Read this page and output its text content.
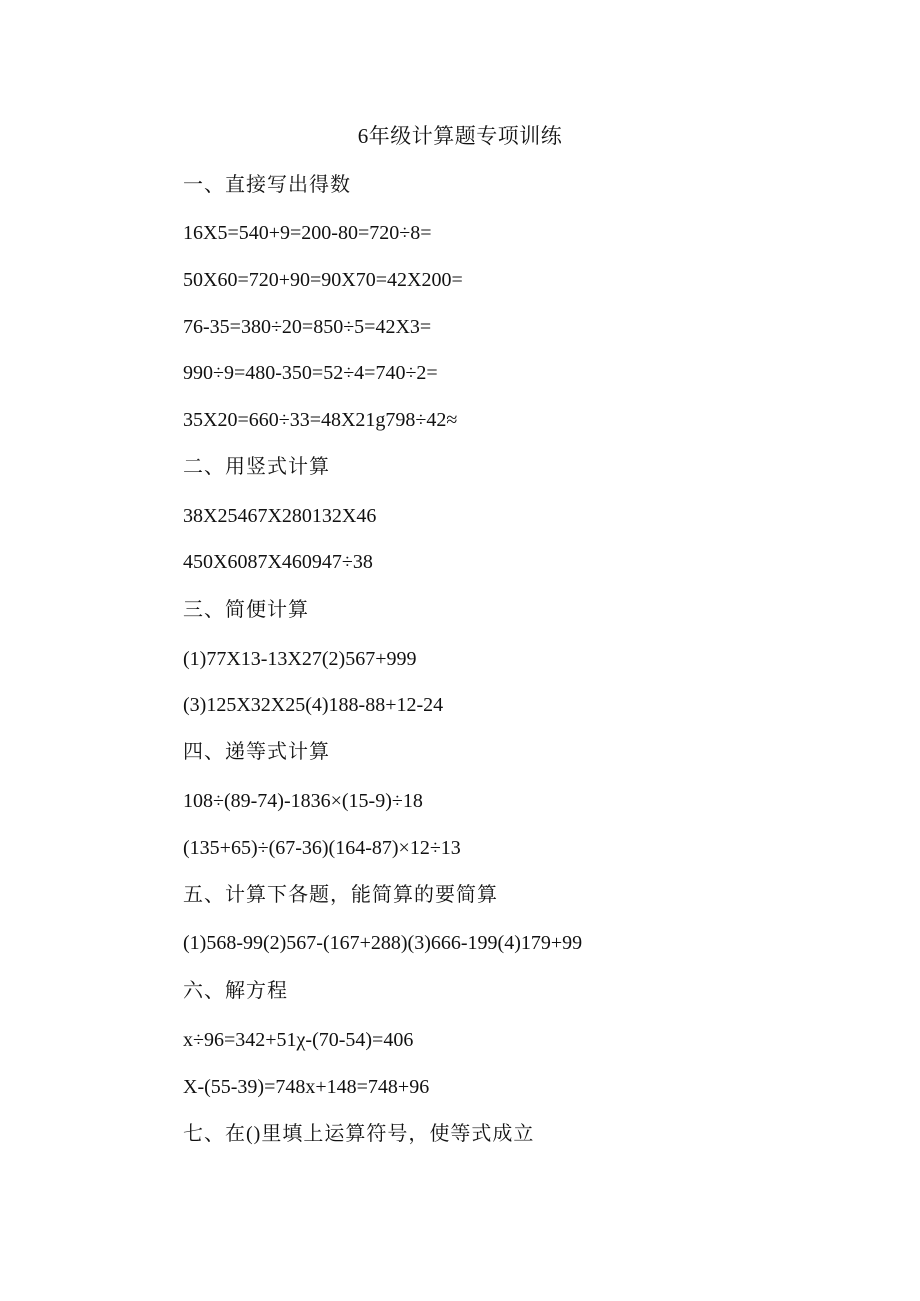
6年级计算题专项训练
一、直接写出得数
16X5=540+9=200-80=720÷8=
50X60=720+90=90X70=42X200=
76-35=380÷20=850÷5=42X3=
990÷9=480-350=52÷4=740÷2=
35X20=660÷33=48X21g798÷42≈
二、用竖式计算
38X25467X280132X46
450X6087X460947÷38
三、简便计算
(1)77X13-13X27(2)567+999
(3)125X32X25(4)188-88+12-24
四、递等式计算
108÷(89-74)-1836×(15-9)÷18
(135+65)÷(67-36)(164-87)×12÷13
五、计算下各题，能简算的要简算
(1)568-99(2)567-(167+288)(3)666-199(4)179+99
六、解方程
x÷96=342+51χ-(70-54)=406
X-(55-39)=748x+148=748+96
七、在()里填上运算符号，使等式成立
